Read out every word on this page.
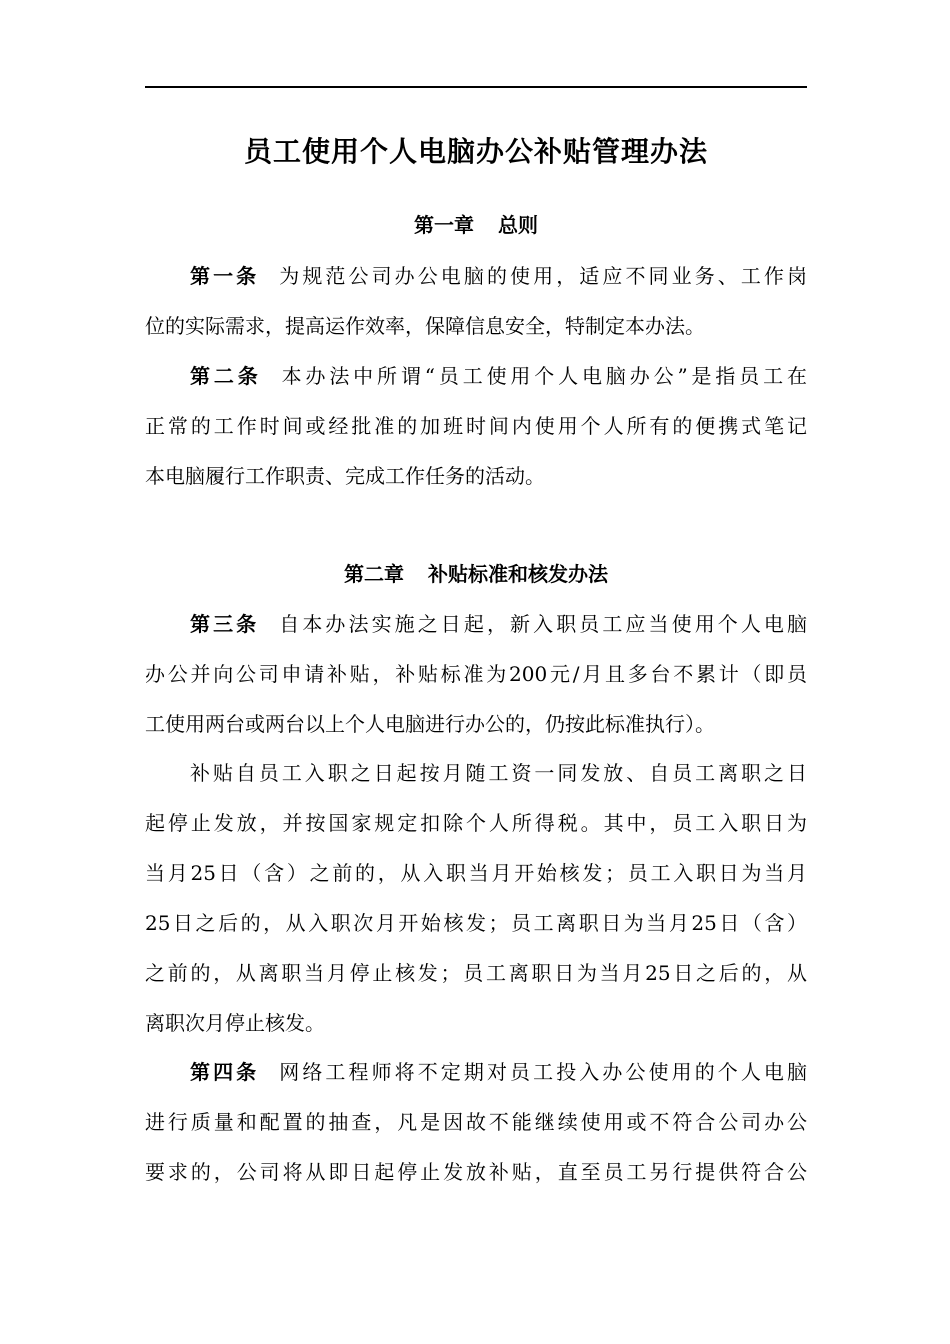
员工使用个人电脑办公补贴管理办法
第一章 总则
第一条 为规范公司办公电脑的使用，适应不同业务、工作岗
位的实际需求，提高运作效率，保障信息安全，特制定本办法。
第二条 本办法中所谓“员工使用个人电脑办公”是指员工在
正常的工作时间或经批准的加班时间内使用个人所有的便携式笔记
本电脑履行工作职责、完成工作任务的活动。
第二章 补贴标准和核发办法
第三条 自本办法实施之日起，新入职员工应当使用个人电脑
办公并向公司申请补贴，补贴标准为200元/月且多台不累计（即员
工使用两台或两台以上个人电脑进行办公的，仍按此标准执行）。
补贴自员工入职之日起按月随工资一同发放、自员工离职之日
起停止发放，并按国家规定扣除个人所得税。其中，员工入职日为
当月25日（含）之前的，从入职当月开始核发；员工入职日为当月
25日之后的，从入职次月开始核发；员工离职日为当月25日（含）
之前的，从离职当月停止核发；员工离职日为当月25日之后的，从
离职次月停止核发。
第四条 网络工程师将不定期对员工投入办公使用的个人电脑
进行质量和配置的抽查，凡是因故不能继续使用或不符合公司办公
要求的，公司将从即日起停止发放补贴，直至员工另行提供符合公
